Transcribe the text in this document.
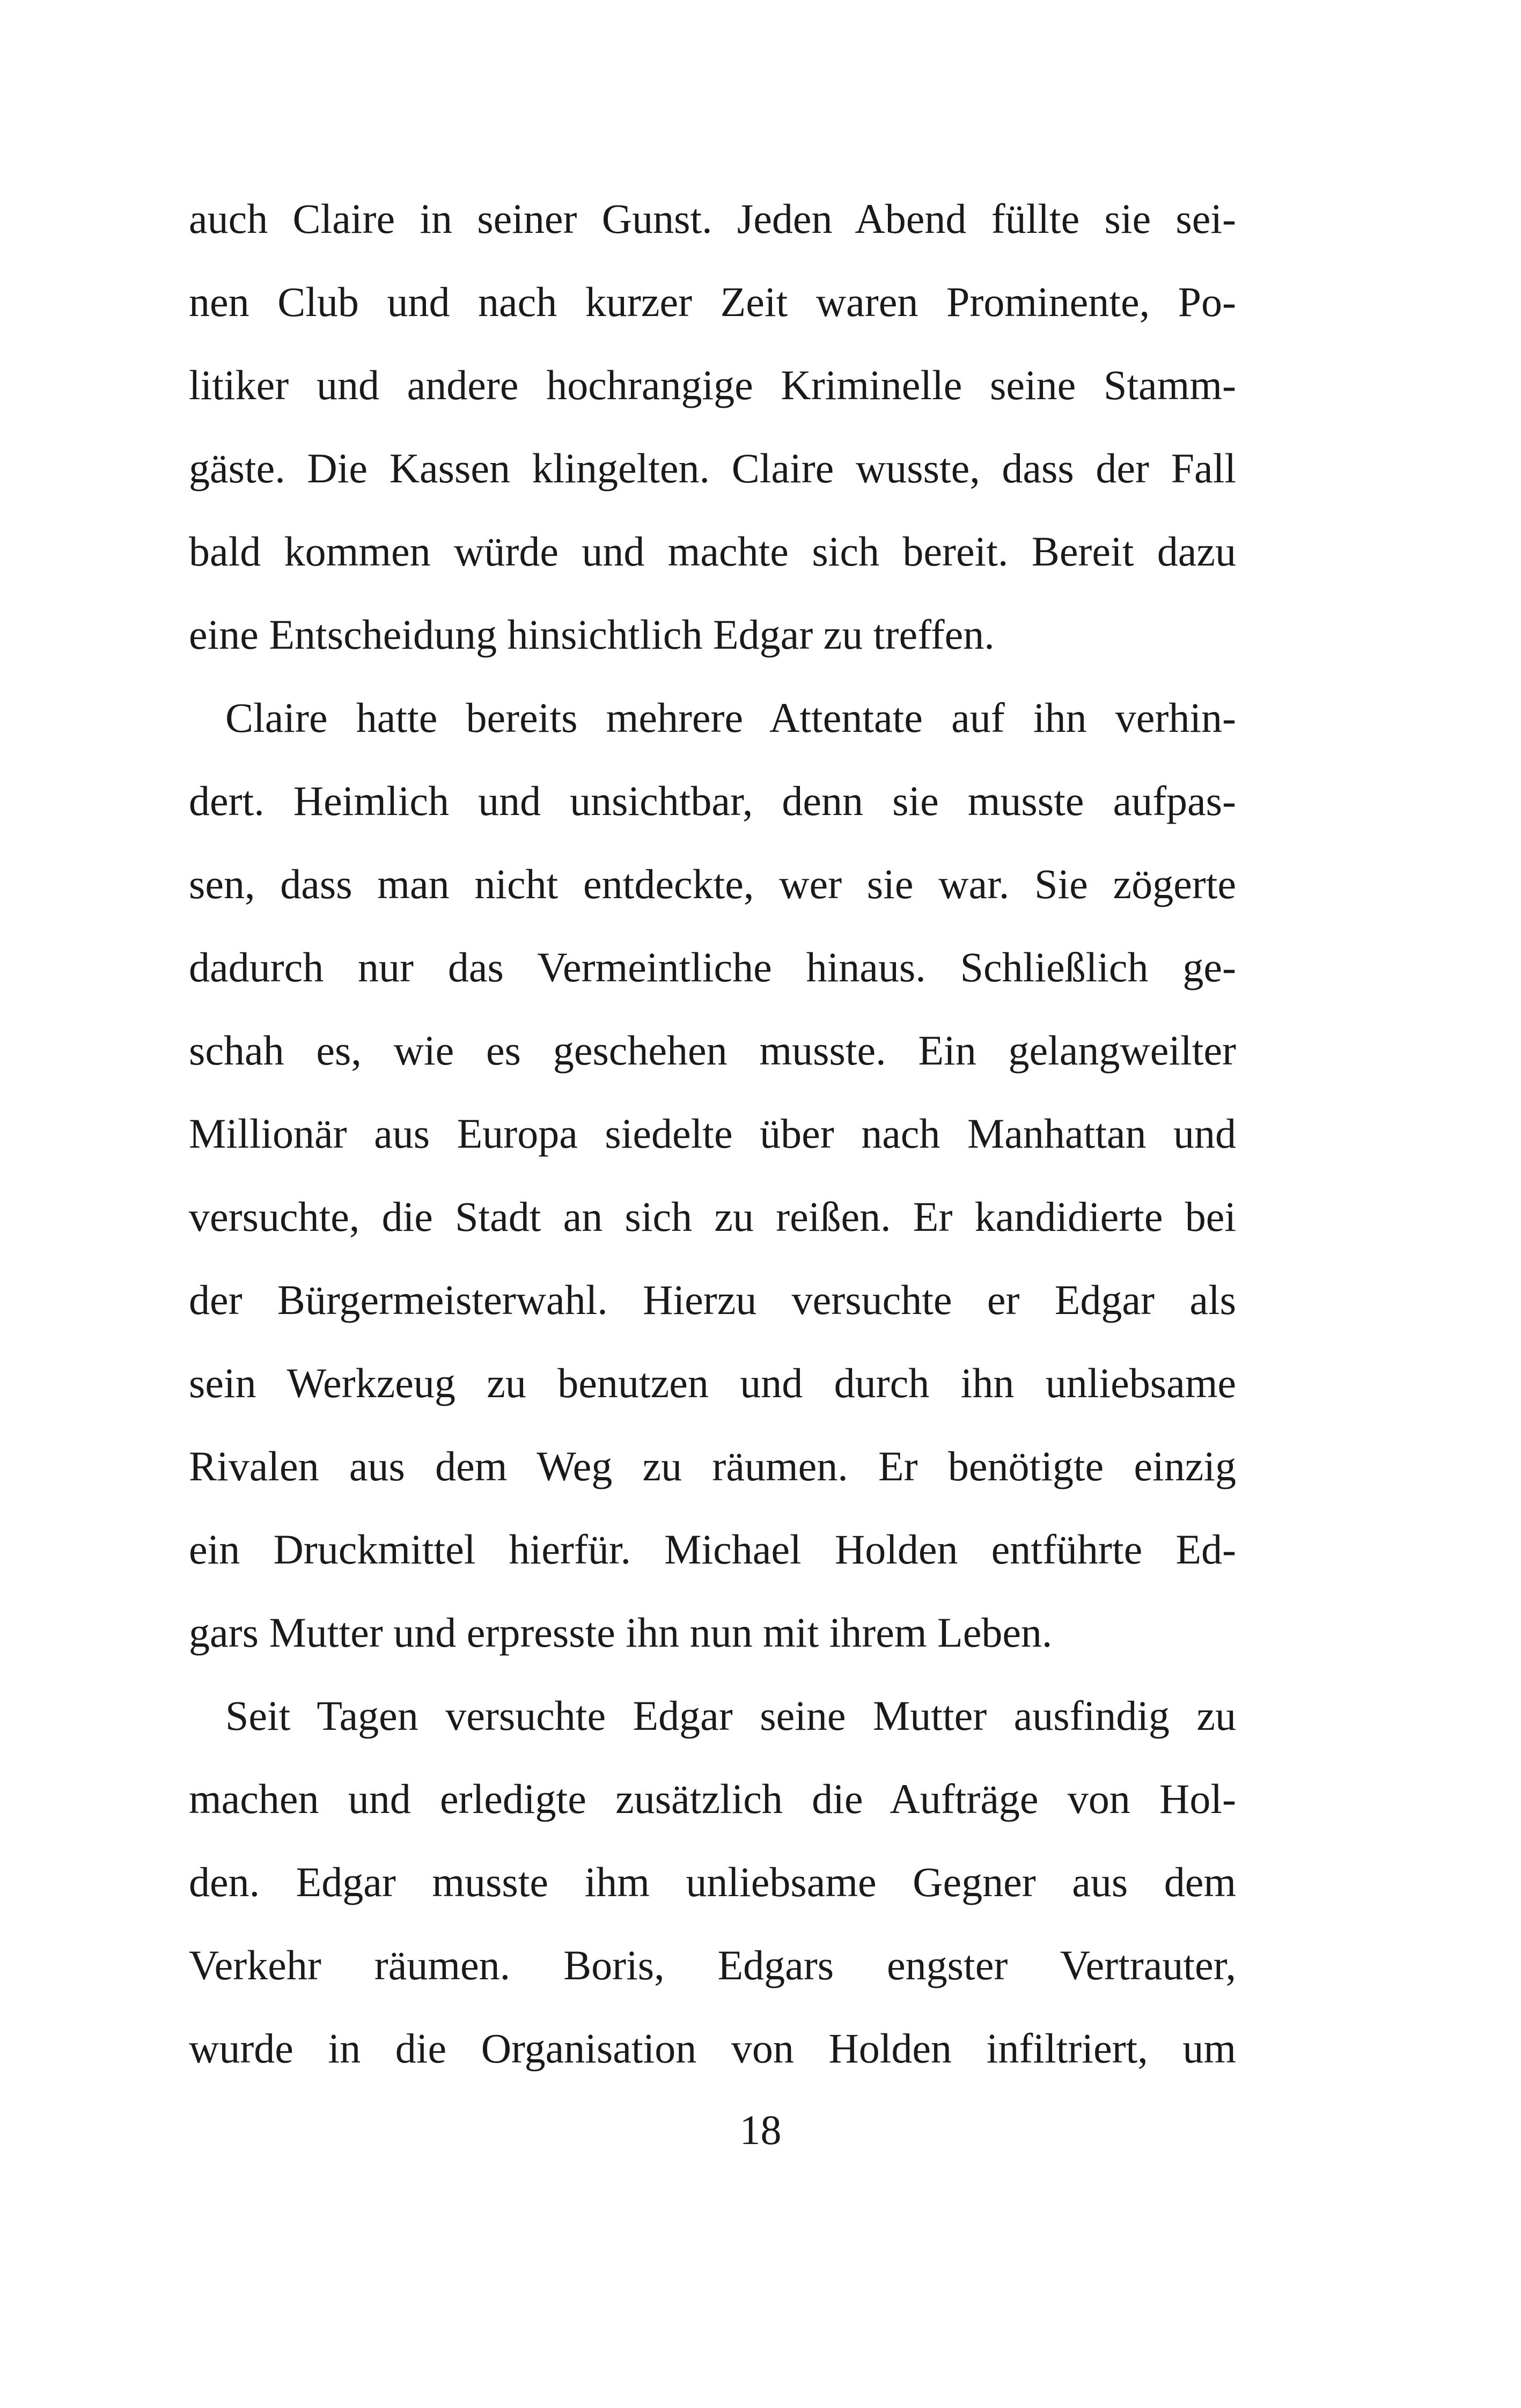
auch Claire in seiner Gunst. Jeden Abend füllte sie sei-
nen Club und nach kurzer Zeit waren Prominente, Po-
litiker und andere hochrangige Kriminelle seine Stamm-
gäste. Die Kassen klingelten. Claire wusste, dass der Fall
bald kommen würde und machte sich bereit. Bereit dazu
eine Entscheidung hinsichtlich Edgar zu treffen.
Claire hatte bereits mehrere Attentate auf ihn verhin-
dert. Heimlich und unsichtbar, denn sie musste aufpas-
sen, dass man nicht entdeckte, wer sie war. Sie zögerte
dadurch nur das Vermeintliche hinaus. Schließlich ge-
schah es, wie es geschehen musste. Ein gelangweilter
Millionär aus Europa siedelte über nach Manhattan und
versuchte, die Stadt an sich zu reißen. Er kandidierte bei
der Bürgermeisterwahl. Hierzu versuchte er Edgar als
sein Werkzeug zu benutzen und durch ihn unliebsame
Rivalen aus dem Weg zu räumen. Er benötigte einzig
ein Druckmittel hierfür. Michael Holden entführte Ed-
gars Mutter und erpresste ihn nun mit ihrem Leben.
Seit Tagen versuchte Edgar seine Mutter ausfindig zu
machen und erledigte zusätzlich die Aufträge von Hol-
den. Edgar musste ihm unliebsame Gegner aus dem
Verkehr räumen. Boris, Edgars engster Vertrauter,
wurde in die Organisation von Holden infiltriert, um
18
